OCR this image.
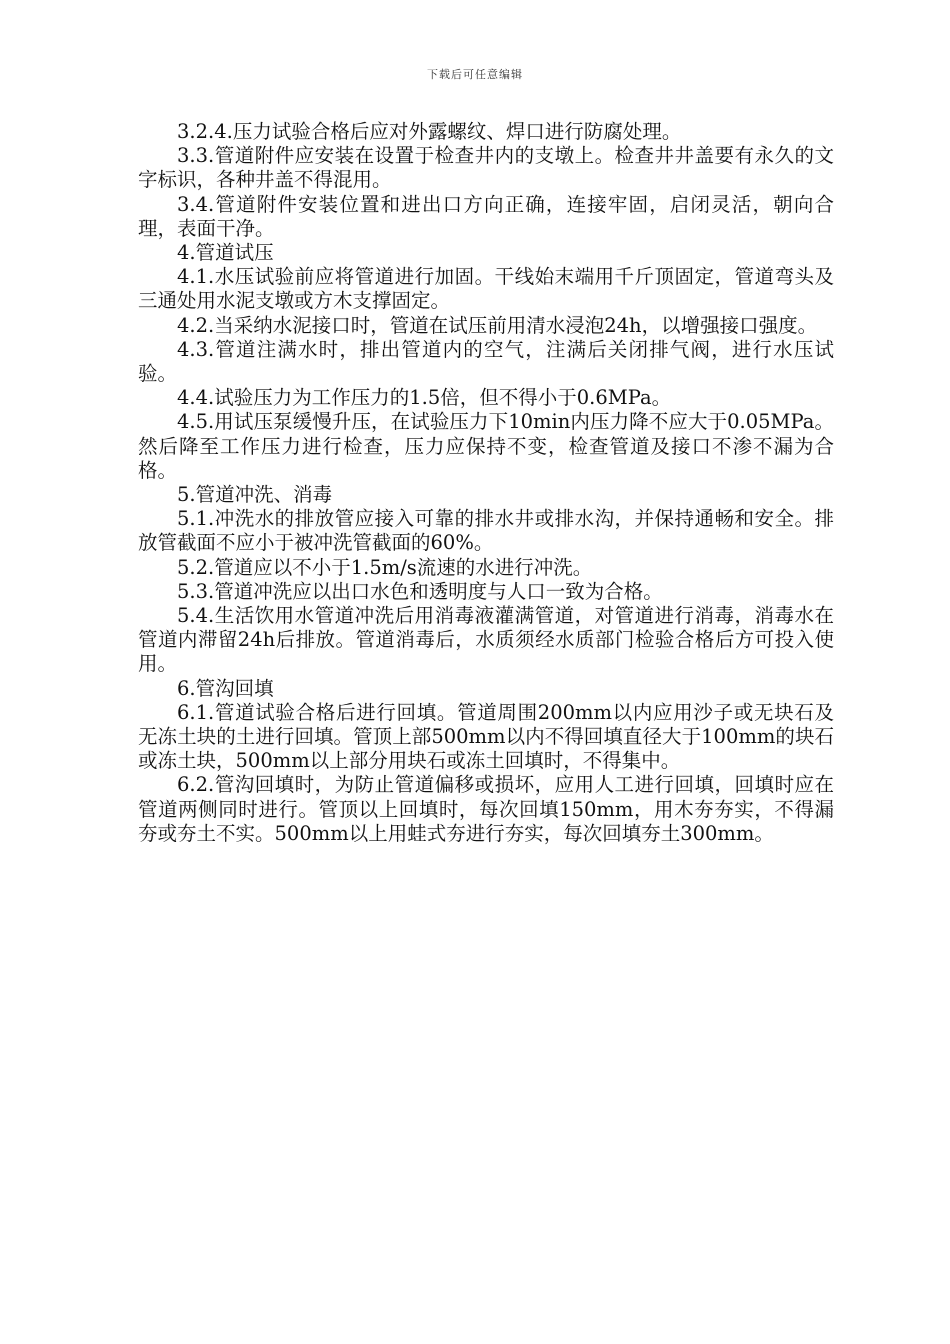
下载后可任意编辑

3.2.4.压力试验合格后应对外露螺纹、焊口进行防腐处理。

3.3.管道附件应安装在设置于检查井内的支墩上。检查井井盖要有永久的文字标识，各种井盖不得混用。

3.4.管道附件安装位置和进出口方向正确，连接牢固，启闭灵活，朝向合理，表面干净。

4.管道试压

4.1.水压试验前应将管道进行加固。干线始末端用千斤顶固定，管道弯头及三通处用水泥支墩或方木支撑固定。

4.2.当采纳水泥接口时，管道在试压前用清水浸泡24h，以增强接口强度。

4.3.管道注满水时，排出管道内的空气，注满后关闭排气阀，进行水压试验。

4.4.试验压力为工作压力的1.5倍，但不得小于0.6MPa。

4.5.用试压泵缓慢升压，在试验压力下10min内压力降不应大于0.05MPa。然后降至工作压力进行检查，压力应保持不变，检查管道及接口不渗不漏为合格。

5.管道冲洗、消毒

5.1.冲洗水的排放管应接入可靠的排水井或排水沟，并保持通畅和安全。排放管截面不应小于被冲洗管截面的60%。

5.2.管道应以不小于1.5m/s流速的水进行冲洗。

5.3.管道冲洗应以出口水色和透明度与人口一致为合格。

5.4.生活饮用水管道冲洗后用消毒液灌满管道，对管道进行消毒，消毒水在管道内滞留24h后排放。管道消毒后，水质须经水质部门检验合格后方可投入使用。

6.管沟回填

6.1.管道试验合格后进行回填。管道周围200mm以内应用沙子或无块石及无冻土块的土进行回填。管顶上部500mm以内不得回填直径大于100mm的块石或冻土块，500mm以上部分用块石或冻土回填时，不得集中。

6.2.管沟回填时，为防止管道偏移或损坏，应用人工进行回填，回填时应在管道两侧同时进行。管顶以上回填时，每次回填150mm，用木夯夯实，不得漏夯或夯土不实。500mm以上用蛙式夯进行夯实，每次回填夯土300mm。
